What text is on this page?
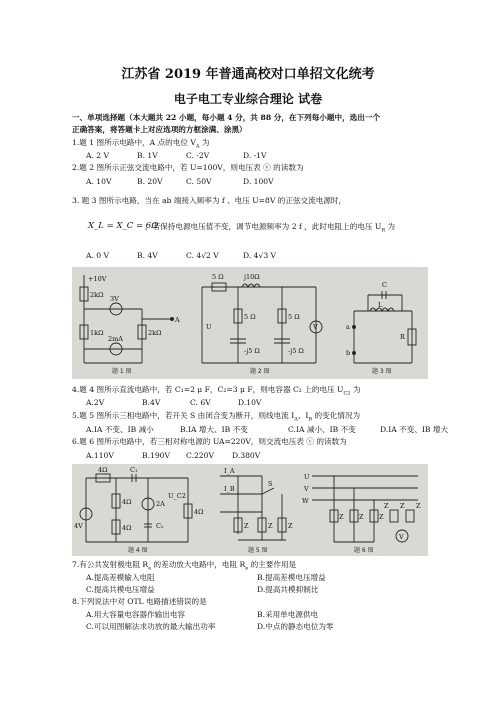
江苏省 2019 年普通高校对口单招文化统考
电子电工专业综合理论 试卷
一、单项选择题（本大题共 22 小题，每小题 4 分，共 88 分，在下列每小题中，选出一个
正确答案，将答题卡上对应选项的方框涂满、涂黑）
1.题 1 图所示电路中，A 点的电位 $V_A$ 为
A. 2 V	B. 1V	C. -2V	D. -1V
2.题 2 图所示正弦交流电路中，若 U=100V，则电压表 ⓥ 的读数为
A. 10V	B. 20V	C. 50V	D. 100V
3. 题 3 图所示电路，当在 ab 端接入频率为 f 、电压 U=8V 的正弦交流电源时，
X_L = X_C = 6Ω
，若保持电源电压值不变，调节电源频率为 2 f ，此时电阻上的电压 $U_R$ 为
A. 0 V	B. 4V	C. 4√2 V	D. 4√3 V
+10V
2kΩ 3V
1kΩ
2mA
2kΩ
A
5 Ω	j10Ω
5 Ω	5 Ω
-j5 Ω	-j5 Ω
V
U
C
L
R
a
b
题 1 图	题 2 图	题 3 图
4.题 4 图所示直流电路中，若 C₁=2 μ F，C₂=3 μ F，则电容器 C₂ 上的电压 $U_{C2}$ 为
A.2V	B.4V	C. 6V	D.10V
5.题 5 图所示三相电路中，若开关 S 由闭合变为断开，则线电流 $I_A$、$I_B$ 的变化情况为
A.IA 不变、IB 减小	B.IA 增大、IB 不变	C.IA 减小、IB 不变	D.IA 不变、IB 增大
6.题 6 图所示电路中，若三相对称电源的 UA=220V，则交流电压表 ⓥ 的读数为
A.110V	B.190V C.220V D.380V
4Ω	C₁
4Ω	2A
C₂
U_C2
4V	4Ω
4Ω
I_A
I_B
S
Z	Z Z
U
V
W
Z Z Z
Z Z Z
V
题 4 图	题 5 图	题 6 图
7.有公共发射极电阻 $R_e$ 的差动放大电路中，电阻 $R_e$ 的主要作用是
A.提高差模输入电阻	B.提高差模电压增益
C.提高共模电压增益	D.提高共模抑制比
8.下列说法中对 OTL 电路描述错误的是
A.用大容量电容器作输出电容	B.采用单电源供电
C.可以用图解法求功放的最大输出功率	D.中点的静态电位为零
